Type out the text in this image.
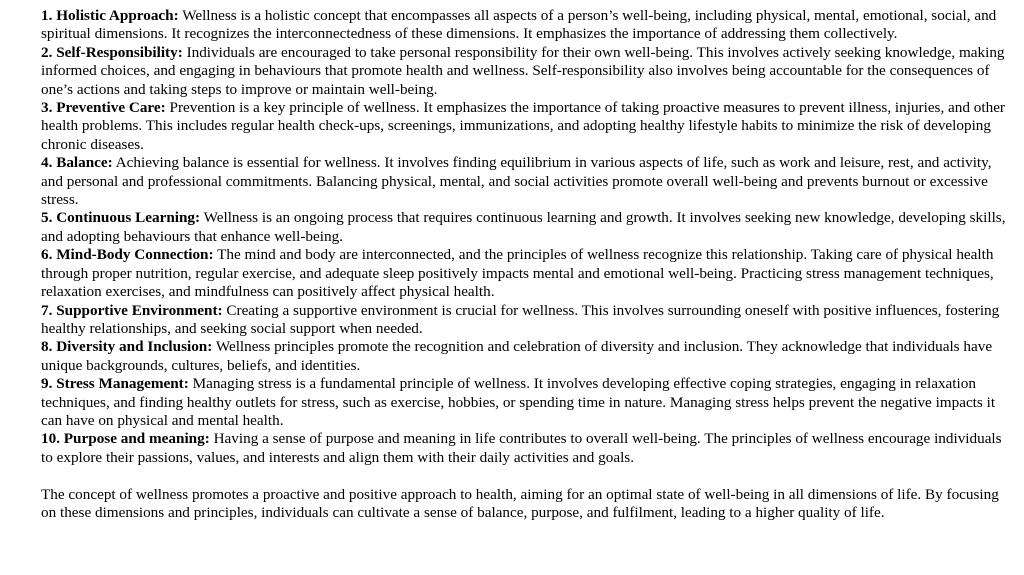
1. Holistic Approach: Wellness is a holistic concept that encompasses all aspects of a person’s well-being, including physical, mental, emotional, social, and spiritual dimensions. It recognizes the interconnectedness of these dimensions. It emphasizes the importance of addressing them collectively.

2. Self-Responsibility: Individuals are encouraged to take personal responsibility for their own well-being. This involves actively seeking knowledge, making informed choices, and engaging in behaviours that promote health and wellness. Self-responsibility also involves being accountable for the consequences of one’s actions and taking steps to improve or maintain well-being.

3. Preventive Care: Prevention is a key principle of wellness. It emphasizes the importance of taking proactive measures to prevent illness, injuries, and other health problems. This includes regular health check-ups, screenings, immunizations, and adopting healthy lifestyle habits to minimize the risk of developing chronic diseases.

4. Balance: Achieving balance is essential for wellness. It involves finding equilibrium in various aspects of life, such as work and leisure, rest, and activity, and personal and professional commitments. Balancing physical, mental, and social activities promote overall well-being and prevents burnout or excessive stress.

5. Continuous Learning: Wellness is an ongoing process that requires continuous learning and growth. It involves seeking new knowledge, developing skills, and adopting behaviours that enhance well-being.

6. Mind-Body Connection: The mind and body are interconnected, and the principles of wellness recognize this relationship. Taking care of physical health through proper nutrition, regular exercise, and adequate sleep positively impacts mental and emotional well-being. Practicing stress management techniques, relaxation exercises, and mindfulness can positively affect physical health.

7. Supportive Environment: Creating a supportive environment is crucial for wellness. This involves surrounding oneself with positive influences, fostering healthy relationships, and seeking social support when needed.

8. Diversity and Inclusion: Wellness principles promote the recognition and celebration of diversity and inclusion. They acknowledge that individuals have unique backgrounds, cultures, beliefs, and identities.

9. Stress Management: Managing stress is a fundamental principle of wellness. It involves developing effective coping strategies, engaging in relaxation techniques, and finding healthy outlets for stress, such as exercise, hobbies, or spending time in nature. Managing stress helps prevent the negative impacts it can have on physical and mental health.

10. Purpose and meaning: Having a sense of purpose and meaning in life contributes to overall well-being. The principles of wellness encourage individuals to explore their passions, values, and interests and align them with their daily activities and goals.

The concept of wellness promotes a proactive and positive approach to health, aiming for an optimal state of well-being in all dimensions of life. By focusing on these dimensions and principles, individuals can cultivate a sense of balance, purpose, and fulfilment, leading to a higher quality of life.
